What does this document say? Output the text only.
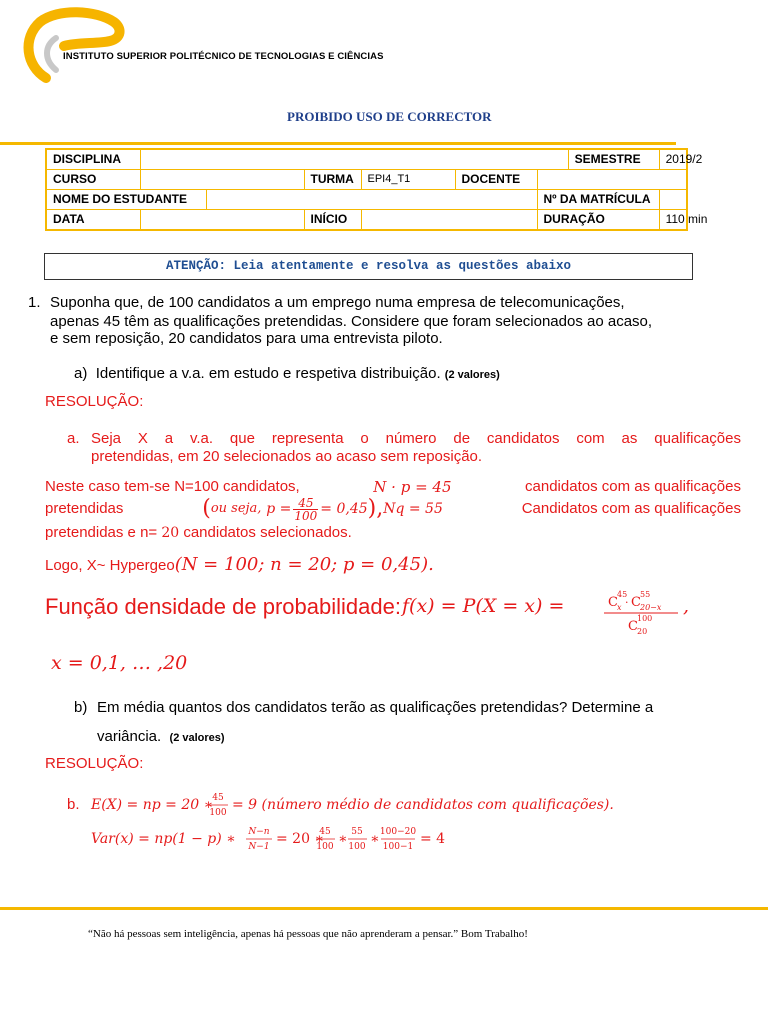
INSTITUTO SUPERIOR POLITÉCNICO DE TECNOLOGIAS E CIÊNCIAS
PROIBIDO USO DE CORRECTOR
DISCIPLINA							SEMESTRE	2019/2
CURSO			TURMA	EPI4_T1	DOCENTE			
NOME DO ESTUDANTE						Nº DA MATRÍCULA		
DATA			INÍCIO			DURAÇÃO		110 min
ATENÇÃO: Leia atentamente e resolva as questões abaixo
1. Suponha que, de 100 candidatos a um emprego numa empresa de telecomunicações,
apenas 45 têm as qualificações pretendidas. Considere que foram selecionados ao acaso,
e sem reposição, 20 candidatos para uma entrevista piloto.
a) Identifique a v.a. em estudo e respetiva distribuição. (2 valores)
RESOLUÇÃO:
a. Seja X a v.a. que representa o número de candidatos com as qualificações
pretendidas, em 20 selecionados ao acaso sem reposição.
Neste caso tem-se N=100 candidatos,	N · p = 45	candidatos com as qualificações
pretendidas	( ou seja,
$p = \frac{45}{100} = 0,45$ ), Nq = 55	Candidatos com as qualificações
pretendidas e n= 20 candidatos selecionados.
Logo, X~ Hypergeo(N = 100; n = 20; p = 0,45).
Função densidade de probabilidade: f(x) = P(X = x) =	C
45
x · C
55
20−x
C
100
20
,
x = 0,1, … ,20
b) Em média quantos dos candidatos terão as qualificações pretendidas? Determine a
variância. (2 valores)
RESOLUÇÃO:
b. E(X) = np = 20 ∗ 45
100 = 9 (número médio de candidatos com qualificações).
Var(x) = np(1 − p) ∗ N−n
N−1 = 20 ∗
45
100 ∗ 55
100 ∗ 100−20
100−1 = 4
“Não há pessoas sem inteligência, apenas há pessoas que não aprenderam a pensar.” Bom Trabalho!
